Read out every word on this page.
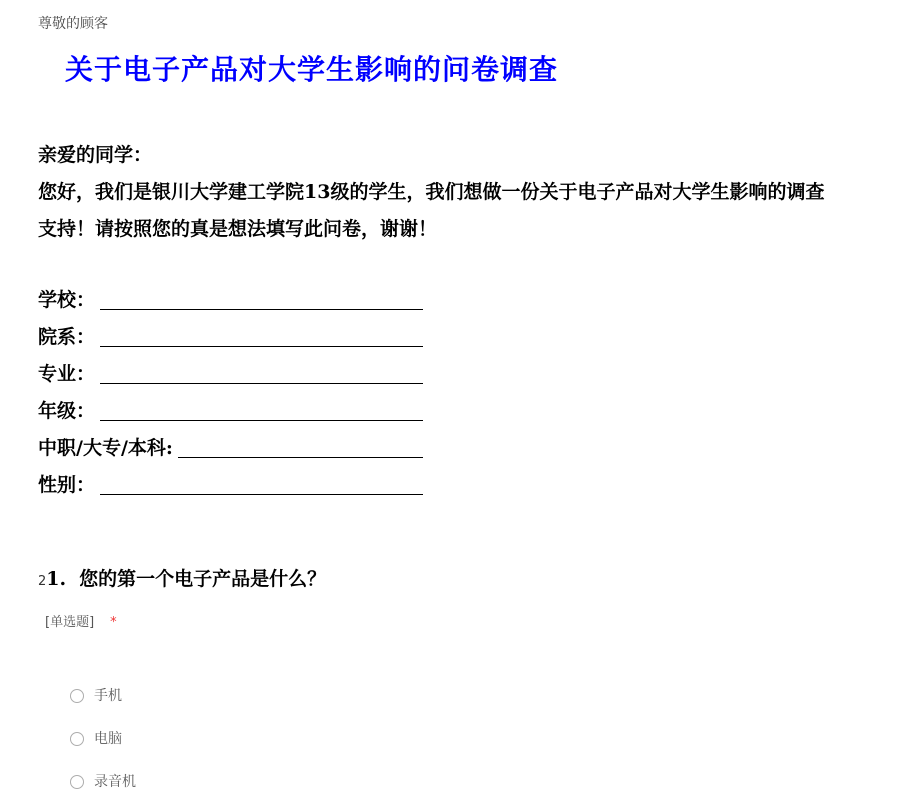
尊敬的顾客
关于电子产品对大学生影响的问卷调查
亲爱的同学：
您好，我们是银川大学建工学院13级的学生，我们想做一份关于电子产品对大学生影响的调查
支持！请按照您的真是想法填写此问卷，谢谢！
学校：
院系：
专业：
年级：
中职/大专/本科:
性别：
21. 您的第一个电子产品是什么？
[单选题] *
手机
电脑
录音机
